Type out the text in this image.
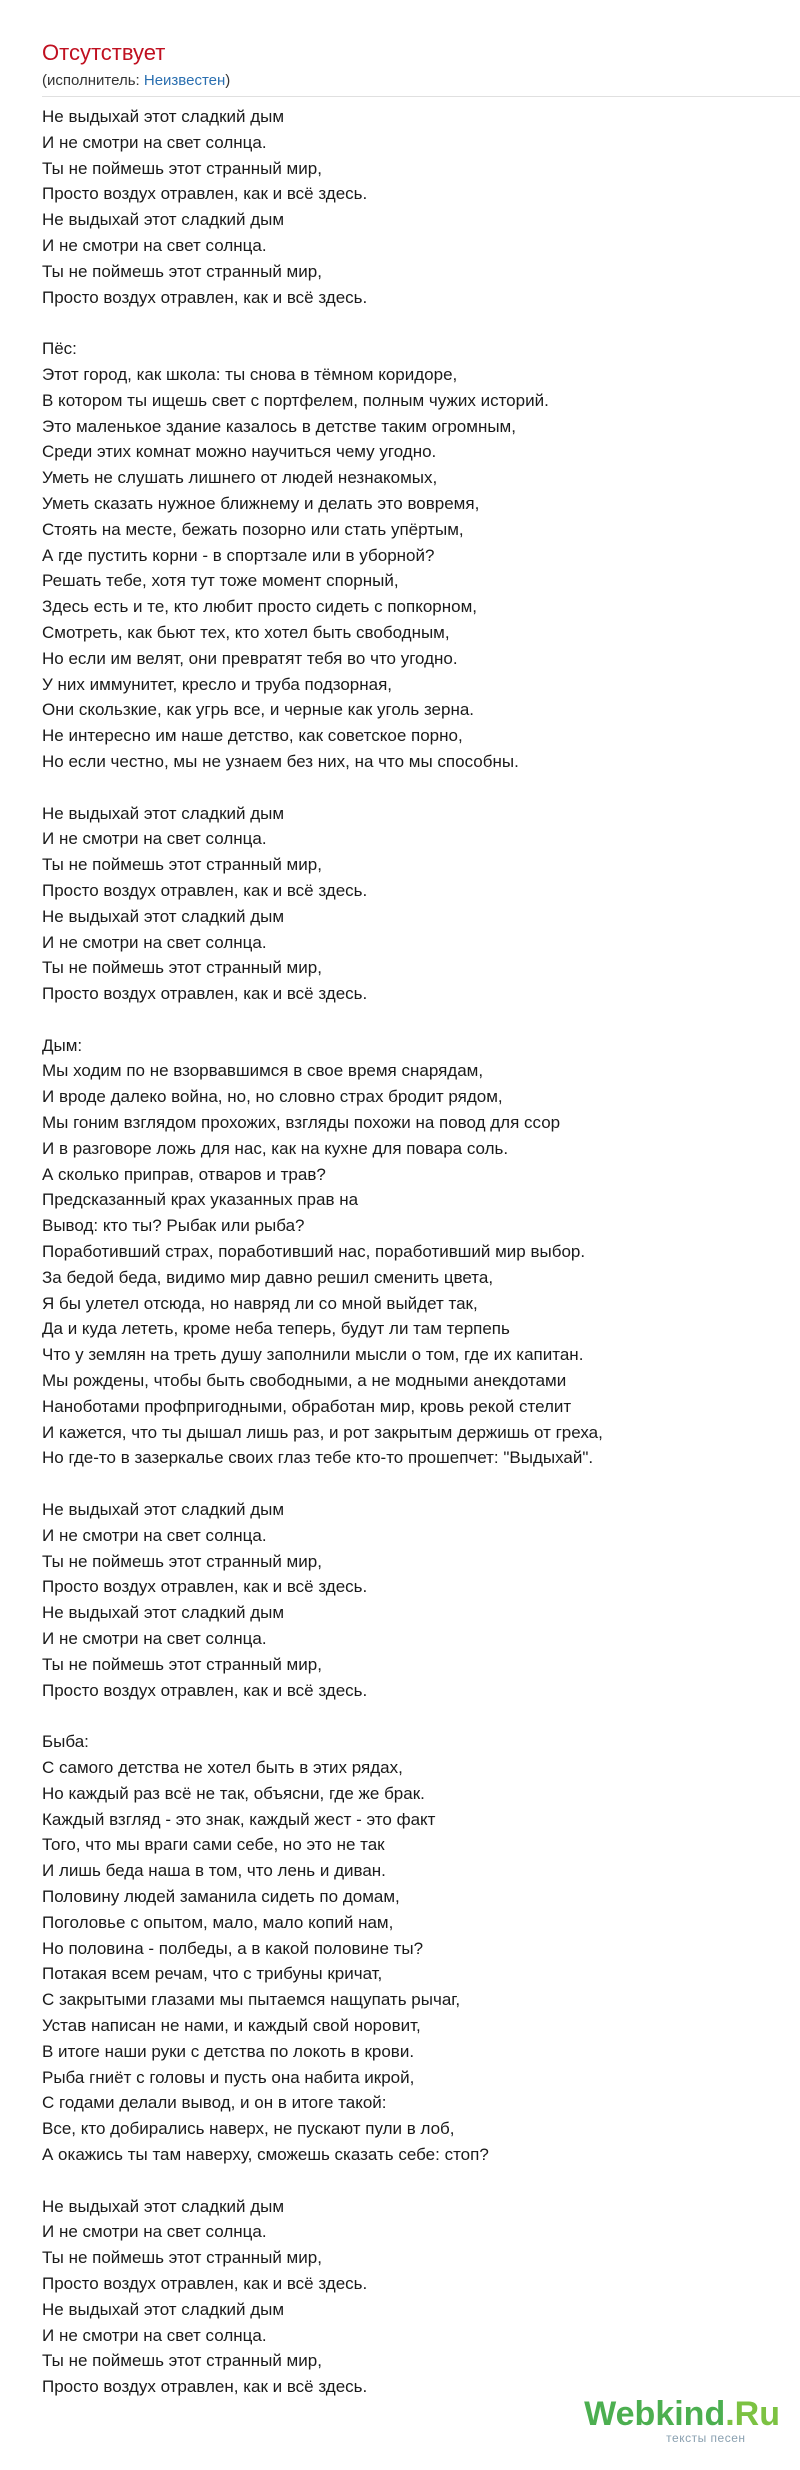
Отсутствует
(исполнитель: Неизвестен)
Не выдыхай этот сладкий дым
И не смотри на свет солнца.
Ты не поймешь этот странный мир,
Просто воздух отравлен, как и всё здесь.
Не выдыхай этот сладкий дым
И не смотри на свет солнца.
Ты не поймешь этот странный мир,
Просто воздух отравлен, как и всё здесь.
Пёс:
Этот город, как школа: ты снова в тёмном коридоре,
В котором ты ищешь свет с портфелем, полным чужих историй.
Это маленькое здание казалось в детстве таким огромным,
Среди этих комнат можно научиться чему угодно.
Уметь не слушать лишнего от людей незнакомых,
Уметь сказать нужное ближнему и делать это вовремя,
Стоять на месте, бежать позорно или стать упёртым,
А где пустить корни - в спортзале или в уборной?
Решать тебе, хотя тут тоже момент спорный,
Здесь есть и те, кто любит просто сидеть с попкорном,
Смотреть, как бьют тех, кто хотел быть свободным,
Но если им велят, они превратят тебя во что угодно.
У них иммунитет, кресло и труба подзорная,
Они скользкие, как угрь все, и черные как уголь зерна.
Не интересно им наше детство, как советское порно,
Но если честно, мы не узнаем без них, на что мы способны.
Не выдыхай этот сладкий дым
И не смотри на свет солнца.
Ты не поймешь этот странный мир,
Просто воздух отравлен, как и всё здесь.
Не выдыхай этот сладкий дым
И не смотри на свет солнца.
Ты не поймешь этот странный мир,
Просто воздух отравлен, как и всё здесь.
Дым:
Мы ходим по не взорвавшимся в свое время снарядам,
И вроде далеко война, но, но словно страх бродит рядом,
Мы гоним взглядом прохожих, взгляды похожи на повод для ссор
И в разговоре ложь для нас, как на кухне для повара соль.
А сколько приправ, отваров и трав?
Предсказанный крах указанных прав на
Вывод: кто ты? Рыбак или рыба?
Поработивший страх, поработивший нас, поработивший мир выбор.
За бедой беда, видимо мир давно решил сменить цвета,
Я бы улетел отсюда, но навряд ли со мной выйдет так,
Да и куда лететь, кроме неба теперь, будут ли там терпепь
Что у землян на треть душу заполнили мысли о том, где их капитан.
Мы рождены, чтобы быть свободными, а не модными анекдотами
Наноботами профпригодными, обработан мир, кровь рекой стелит
И кажется, что ты дышал лишь раз, и рот закрытым держишь от греха,
Но где-то в зазеркалье своих глаз тебе кто-то прошепчет: "Выдыхай".
Не выдыхай этот сладкий дым
И не смотри на свет солнца.
Ты не поймешь этот странный мир,
Просто воздух отравлен, как и всё здесь.
Не выдыхай этот сладкий дым
И не смотри на свет солнца.
Ты не поймешь этот странный мир,
Просто воздух отравлен, как и всё здесь.
Быба:
С самого детства не хотел быть в этих рядах,
Но каждый раз всё не так, объясни, где же брак.
Каждый взгляд - это знак, каждый жест - это факт
Того, что мы враги сами себе, но это не так
И лишь беда наша в том, что лень и диван.
Половину людей заманила сидеть по домам,
Поголовье с опытом, мало, мало копий нам,
Но половина - полбеды, а в какой половине ты?
Потакая всем речам, что с трибуны кричат,
С закрытыми глазами мы пытаемся нащупать рычаг,
Устав написан не нами, и каждый свой норовит,
В итоге наши руки с детства по локоть в крови.
Рыба гниёт с головы и пусть она набита икрой,
С годами делали вывод, и он в итоге такой:
Все, кто добирались наверх, не пускают пули в лоб,
А окажись ты там наверху, сможешь сказать себе: стоп?
Не выдыхай этот сладкий дым
И не смотри на свет солнца.
Ты не поймешь этот странный мир,
Просто воздух отравлен, как и всё здесь.
Не выдыхай этот сладкий дым
И не смотри на свет солнца.
Ты не поймешь этот странный мир,
Просто воздух отравлен, как и всё здесь.
Webkind.Ru
тексты песен
